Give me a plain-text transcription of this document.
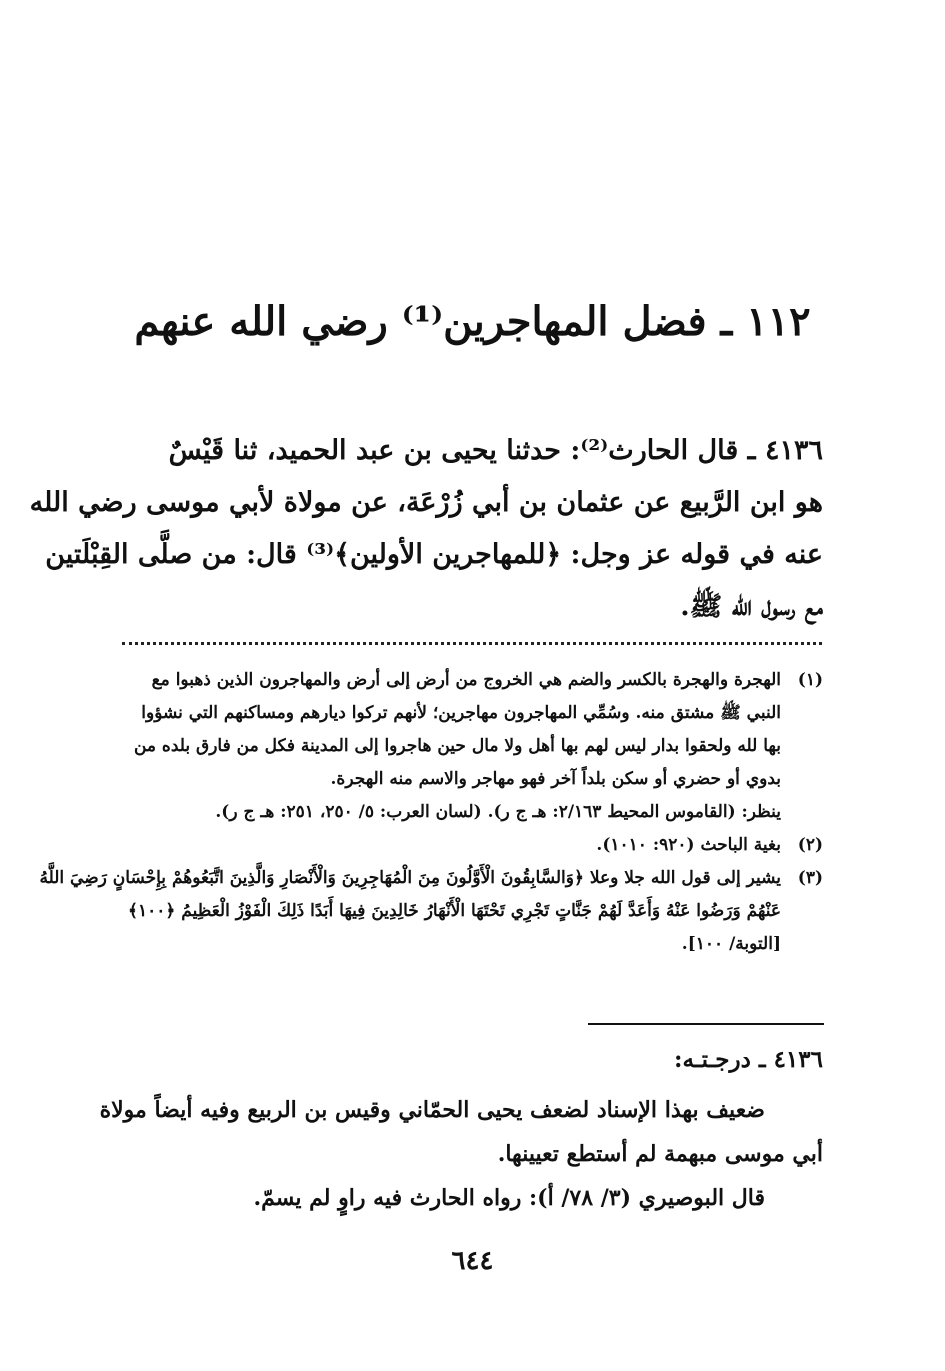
١١٢ ـ فضل المهاجرين⁽¹⁾ رضي الله عنهم
٤١٣٦ ـ قال الحارث⁽²⁾: حدثنا يحيى بن عبد الحميد، ثنا قَيْسٌ
هو ابن الرَّبيع عن عثمان بن أبي زُرْعَة، عن مولاة لأبي موسى رضي الله
عنه في قوله عز وجل: ﴿للمهاجرين الأولين﴾⁽³⁾ قال: من صلَّى القِبْلَتين
مع رسول الله ﷺ.
(١)
الهجرة والهجرة بالكسر والضم هي الخروج من أرض إلى أرض والمهاجرون الذين ذهبوا مع
النبي ﷺ مشتق منه. وسُمِّي المهاجرون مهاجرين؛ لأنهم تركوا ديارهم ومساكنهم التي نشؤوا
بها لله ولحقوا بدار ليس لهم بها أهل ولا مال حين هاجروا إلى المدينة فكل من فارق بلده من
بدوي أو حضري أو سكن بلداً آخر فهو مهاجر والاسم منه الهجرة.
ينظر: (القاموس المحيط ٢/١٦٣: هـ ج ر). (لسان العرب: ٥/ ٢٥٠، ٢٥١: هـ ج ر).
(٢)
بغية الباحث (٩٢٠: ١٠١٠).
(٣)
يشير إلى قول الله جلا وعلا ﴿وَالسَّابِقُونَ الْأَوَّلُونَ مِنَ الْمُهَاجِرِينَ وَالْأَنْصَارِ وَالَّذِينَ اتَّبَعُوهُمْ بِإِحْسَانٍ رَضِيَ اللَّهُ
عَنْهُمْ وَرَضُوا عَنْهُ وَأَعَدَّ لَهُمْ جَنَّاتٍ تَجْرِي تَحْتَهَا الْأَنْهَارُ خَالِدِينَ فِيهَا أَبَدًا ذَلِكَ الْفَوْزُ الْعَظِيمُ ﴿١٠٠﴾
[التوبة/ ١٠٠].
٤١٣٦ ـ درجـتـه:
ضعيف بهذا الإسناد لضعف يحيى الحمّاني وقيس بن الربيع وفيه أيضاً مولاة
أبي موسى مبهمة لم أستطع تعيينها.
قال البوصيري (٣/ ٧٨/ أ): رواه الحارث فيه راوٍ لم يسمّ.
٦٤٤
